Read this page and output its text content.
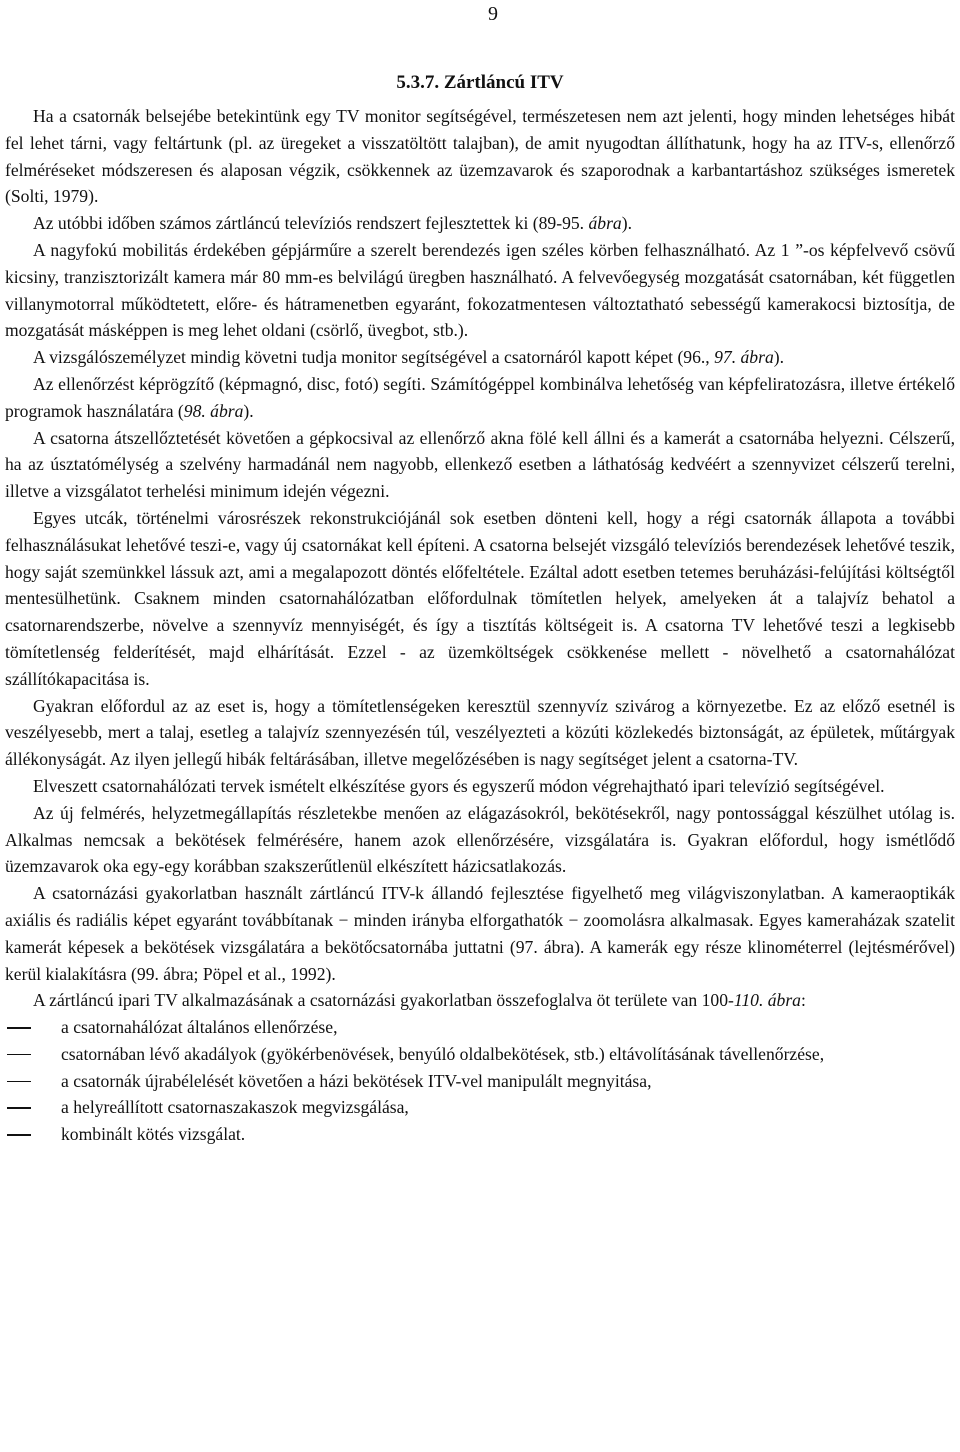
9
5.3.7. Zártláncú ITV

Ha a csatornák belsejébe betekintünk egy TV monitor segítségével, természetesen nem azt jelenti, hogy minden lehetséges hibát fel lehet tárni, vagy feltártunk (pl. az üregeket a visszatöltött talajban), de amit nyugodtan állíthatunk, hogy ha az ITV-s, ellenőrző felméréseket módszeresen és alaposan végzik, csökkennek az üzemzavarok és szaporodnak a karbantartáshoz szükséges ismeretek (Solti, 1979).

Az utóbbi időben számos zártláncú televíziós rendszert fejlesztettek ki (89-95. ábra).

A nagyfokú mobilitás érdekében gépjárműre a szerelt berendezés igen széles körben felhasználható. Az 1 ”-os képfelvevő csövű kicsiny, tranzisztorizált kamera már 80 mm-es belvilágú üregben használható. A felvevőegység mozgatását csatornában, két független villanymotorral működtetett, előre- és hátramenetben egyaránt, fokozatmentesen változtatható sebességű kamerakocsi biztosítja, de mozgatását másképpen is meg lehet oldani (csörlő, üvegbot, stb.).

A vizsgálószemélyzet mindig követni tudja monitor segítségével a csatornáról kapott képet (96., 97. ábra).

Az ellenőrzést képrögzítő (képmagnó, disc, fotó) segíti. Számítógéppel kombinálva lehetőség van képfeliratozásra, illetve értékelő programok használatára (98. ábra).

A csatorna átszellőztetését követően a gépkocsival az ellenőrző akna fölé kell állni és a kamerát a csatornába helyezni. Célszerű, ha az úsztatómélység a szelvény harmadánál nem nagyobb, ellenkező esetben a láthatóság kedvéért a szennyvizet célszerű terelni, illetve a vizsgálatot terhelési minimum idején végezni.

Egyes utcák, történelmi városrészek rekonstrukciójánál sok esetben dönteni kell, hogy a régi csatornák állapota a további felhasználásukat lehetővé teszi-e, vagy új csatornákat kell építeni. A csatorna belsejét vizsgáló televíziós berendezések lehetővé teszik, hogy saját szemünkkel lássuk azt, ami a megalapozott döntés előfeltétele. Ezáltal adott esetben tetemes beruházási-felújítási költségtől mentesülhetünk. Csaknem minden csatornahálózatban előfordulnak tömítetlen helyek, amelyeken át a talajvíz behatol a csatornarendszerbe, növelve a szennyvíz mennyiségét, és így a tisztítás költségeit is. A csatorna TV lehetővé teszi a legkisebb tömítetlenség felderítését, majd elhárítását. Ezzel - az üzemköltségek csökkenése mellett - növelhető a csatornahálózat szállítókapacitása is.

Gyakran előfordul az az eset is, hogy a tömítetlenségeken keresztül szennyvíz szivárog a környezetbe. Ez az előző esetnél is veszélyesebb, mert a talaj, esetleg a talajvíz szennyezésén túl, veszélyezteti a közúti közlekedés biztonságát, az épületek, műtárgyak állékonyságát. Az ilyen jellegű hibák feltárásában, illetve megelőzésében is nagy segítséget jelent a csatorna-TV.

Elveszett csatornahálózati tervek ismételt elkészítése gyors és egyszerű módon végrehajtható ipari televízió segítségével.

Az új felmérés, helyzetmegállapítás részletekbe menően az elágazásokról, bekötésekről, nagy pontossággal készülhet utólag is. Alkalmas nemcsak a bekötések felmérésére, hanem azok ellenőrzésére, vizsgálatára is. Gyakran előfordul, hogy ismétlődő üzemzavarok oka egy-egy korábban szakszerűtlenül elkészített házicsatlakozás.

A csatornázási gyakorlatban használt zártláncú ITV-k állandó fejlesztése figyelhető meg világviszonylatban. A kameraoptikák axiális és radiális képet egyaránt továbbítanak − minden irányba elforgathatók − zoomolásra alkalmasak. Egyes kameraházak szatelit kamerát képesek a bekötések vizsgálatára a bekötőcsatornába juttatni (97. ábra). A kamerák egy része klinométerrel (lejtésmérővel) kerül kialakításra (99. ábra; Pöpel et al., 1992).

A zártláncú ipari TV alkalmazásának a csatornázási gyakorlatban összefoglalva öt területe van 100-110. ábra:

a csatornahálózat általános ellenőrzése,
csatornában lévő akadályok (gyökérbenövések, benyúló oldalbekötések, stb.) eltávolításának távellenőrzése,
a csatornák újrabélelését követően a házi bekötések ITV-vel manipulált megnyitása,
a helyreállított csatornaszakaszok megvizsgálása,
kombinált kötés vizsgálat.
